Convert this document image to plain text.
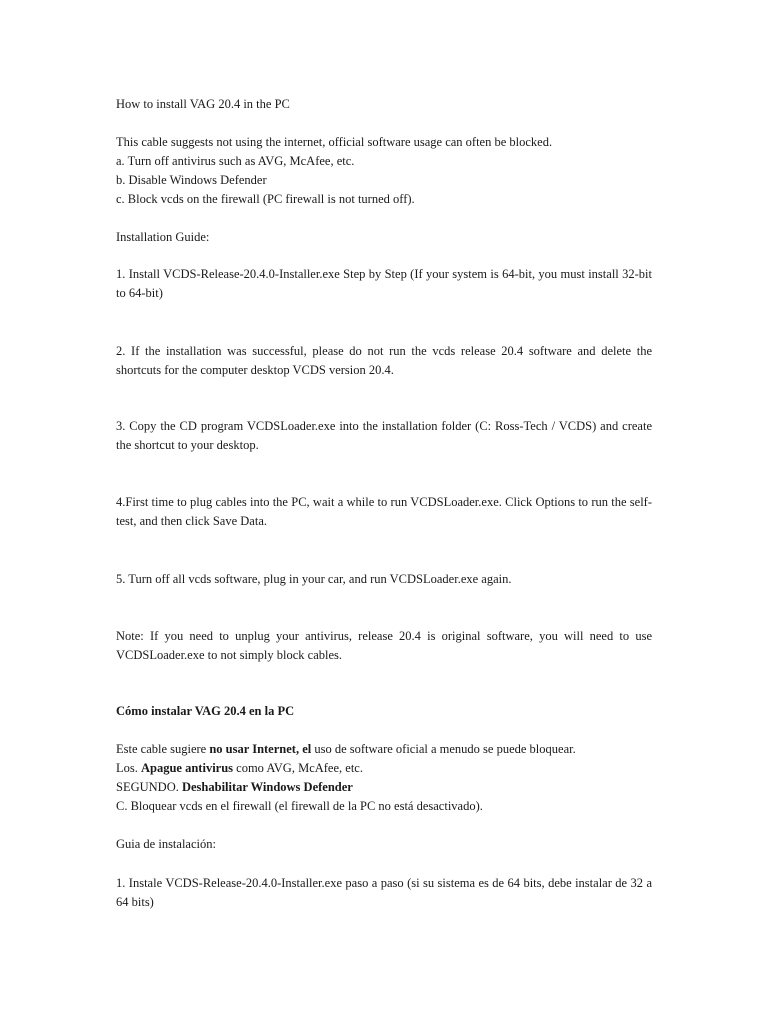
How to install VAG 20.4 in the PC
This cable suggests not using the internet, official software usage can often be blocked.
a. Turn off antivirus such as AVG, McAfee, etc.
b. Disable Windows Defender
c. Block vcds on the firewall (PC firewall is not turned off).
Installation Guide:
1. Install VCDS-Release-20.4.0-Installer.exe Step by Step (If your system is 64-bit, you must install 32-bit to 64-bit)
2. If the installation was successful, please do not run the vcds release 20.4 software and delete the shortcuts for the computer desktop VCDS version 20.4.
3. Copy the CD program VCDSLoader.exe into the installation folder (C: Ross-Tech / VCDS) and create the shortcut to your desktop.
4.First time to plug cables into the PC, wait a while to run VCDSLoader.exe. Click Options to run the self-test, and then click Save Data.
5. Turn off all vcds software, plug in your car, and run VCDSLoader.exe again.
Note: If you need to unplug your antivirus, release 20.4 is original software, you will need to use VCDSLoader.exe to not simply block cables.
Cómo instalar VAG 20.4 en la PC
Este cable sugiere no usar Internet, el uso de software oficial a menudo se puede bloquear.
Los. Apague antivirus como AVG, McAfee, etc.
SEGUNDO. Deshabilitar Windows Defender
C. Bloquear vcds en el firewall (el firewall de la PC no está desactivado).
Guia de instalación:
1. Instale VCDS-Release-20.4.0-Installer.exe paso a paso (si su sistema es de 64 bits, debe instalar de 32 a 64 bits)
